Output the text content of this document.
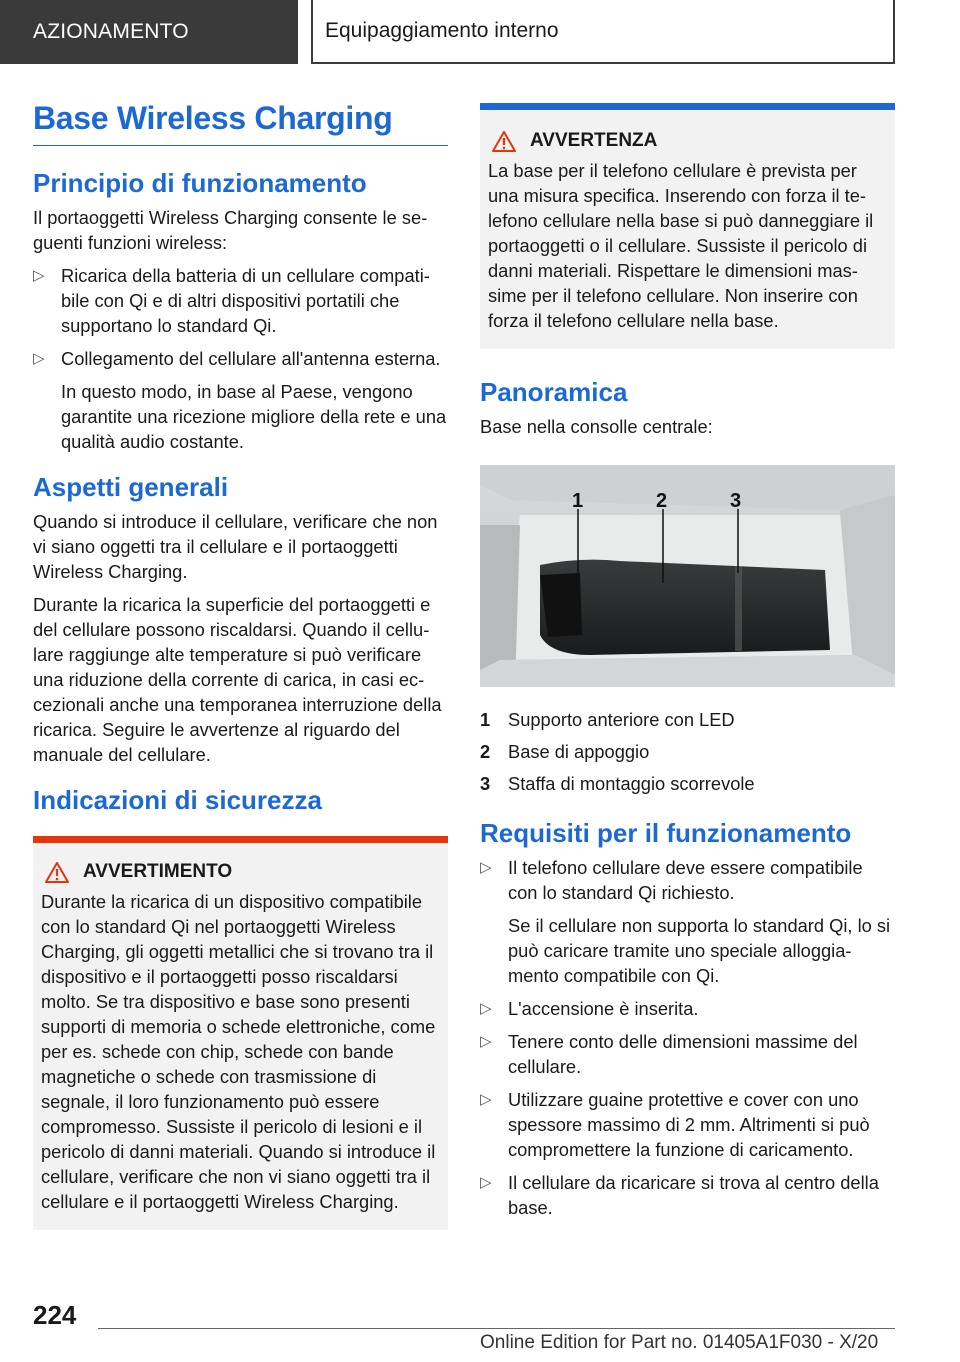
AZIONAMENTO	Equipaggiamento interno
Base Wireless Charging
Principio di funzionamento

Il portaoggetti Wireless Charging consente le seguenti funzioni wireless:

▷ Ricarica della batteria di un cellulare compatibile con Qi e di altri dispositivi portatili che supportano lo standard Qi.
▷ Collegamento del cellulare all'antenna esterna.
In questo modo, in base al Paese, vengono garantite una ricezione migliore della rete e una qualità audio costante.
Aspetti generali

Quando si introduce il cellulare, verificare che non vi siano oggetti tra il cellulare e il portaoggetti Wireless Charging.

Durante la ricarica la superficie del portaoggetti e del cellulare possono riscaldarsi. Quando il cellulare raggiunge alte temperature si può verificare una riduzione della corrente di carica, in casi eccezionali anche una temporanea interruzione della ricarica. Seguire le avvertenze al riguardo del manuale del cellulare.

Indicazioni di sicurezza
AVVERTIMENTO

Durante la ricarica di un dispositivo compatibile con lo standard Qi nel portaoggetti Wireless Charging, gli oggetti metallici che si trovano tra il dispositivo e il portaoggetti posso riscaldarsi molto. Se tra dispositivo e base sono presenti supporti di memoria o schede elettroniche, come per es. schede con chip, schede con bande magnetiche o schede con trasmissione di segnale, il loro funzionamento può essere compromesso. Sussiste il pericolo di lesioni e il pericolo di danni materiali. Quando si introduce il cellulare, verificare che non vi siano oggetti tra il cellulare e il portaoggetti Wireless Charging.

AVVERTENZA

La base per il telefono cellulare è prevista per una misura specifica. Inserendo con forza il telefono cellulare nella base si può danneggiare il portaoggetti o il cellulare. Sussiste il pericolo di danni materiali. Rispettare le dimensioni massime per il telefono cellulare. Non inserire con forza il telefono cellulare nella base.

Panoramica

Base nella consolle centrale:

1	2	3
1 Supporto anteriore con LED
2 Base di appoggio
3 Staffa di montaggio scorrevole
Requisiti per il funzionamento
▷ Il telefono cellulare deve essere compatibile con lo standard Qi richiesto.
Se il cellulare non supporta lo standard Qi, lo si può caricare tramite uno speciale alloggiamento compatibile con Qi.
▷ L'accensione è inserita.
▷ Tenere conto delle dimensioni massime del cellulare.
▷ Utilizzare guaine protettive e cover con uno spessore massimo di 2 mm. Altrimenti si può compromettere la funzione di caricamento.
▷ Il cellulare da ricaricare si trova al centro della base.
224
Online Edition for Part no. 01405A1F030 - X/20
